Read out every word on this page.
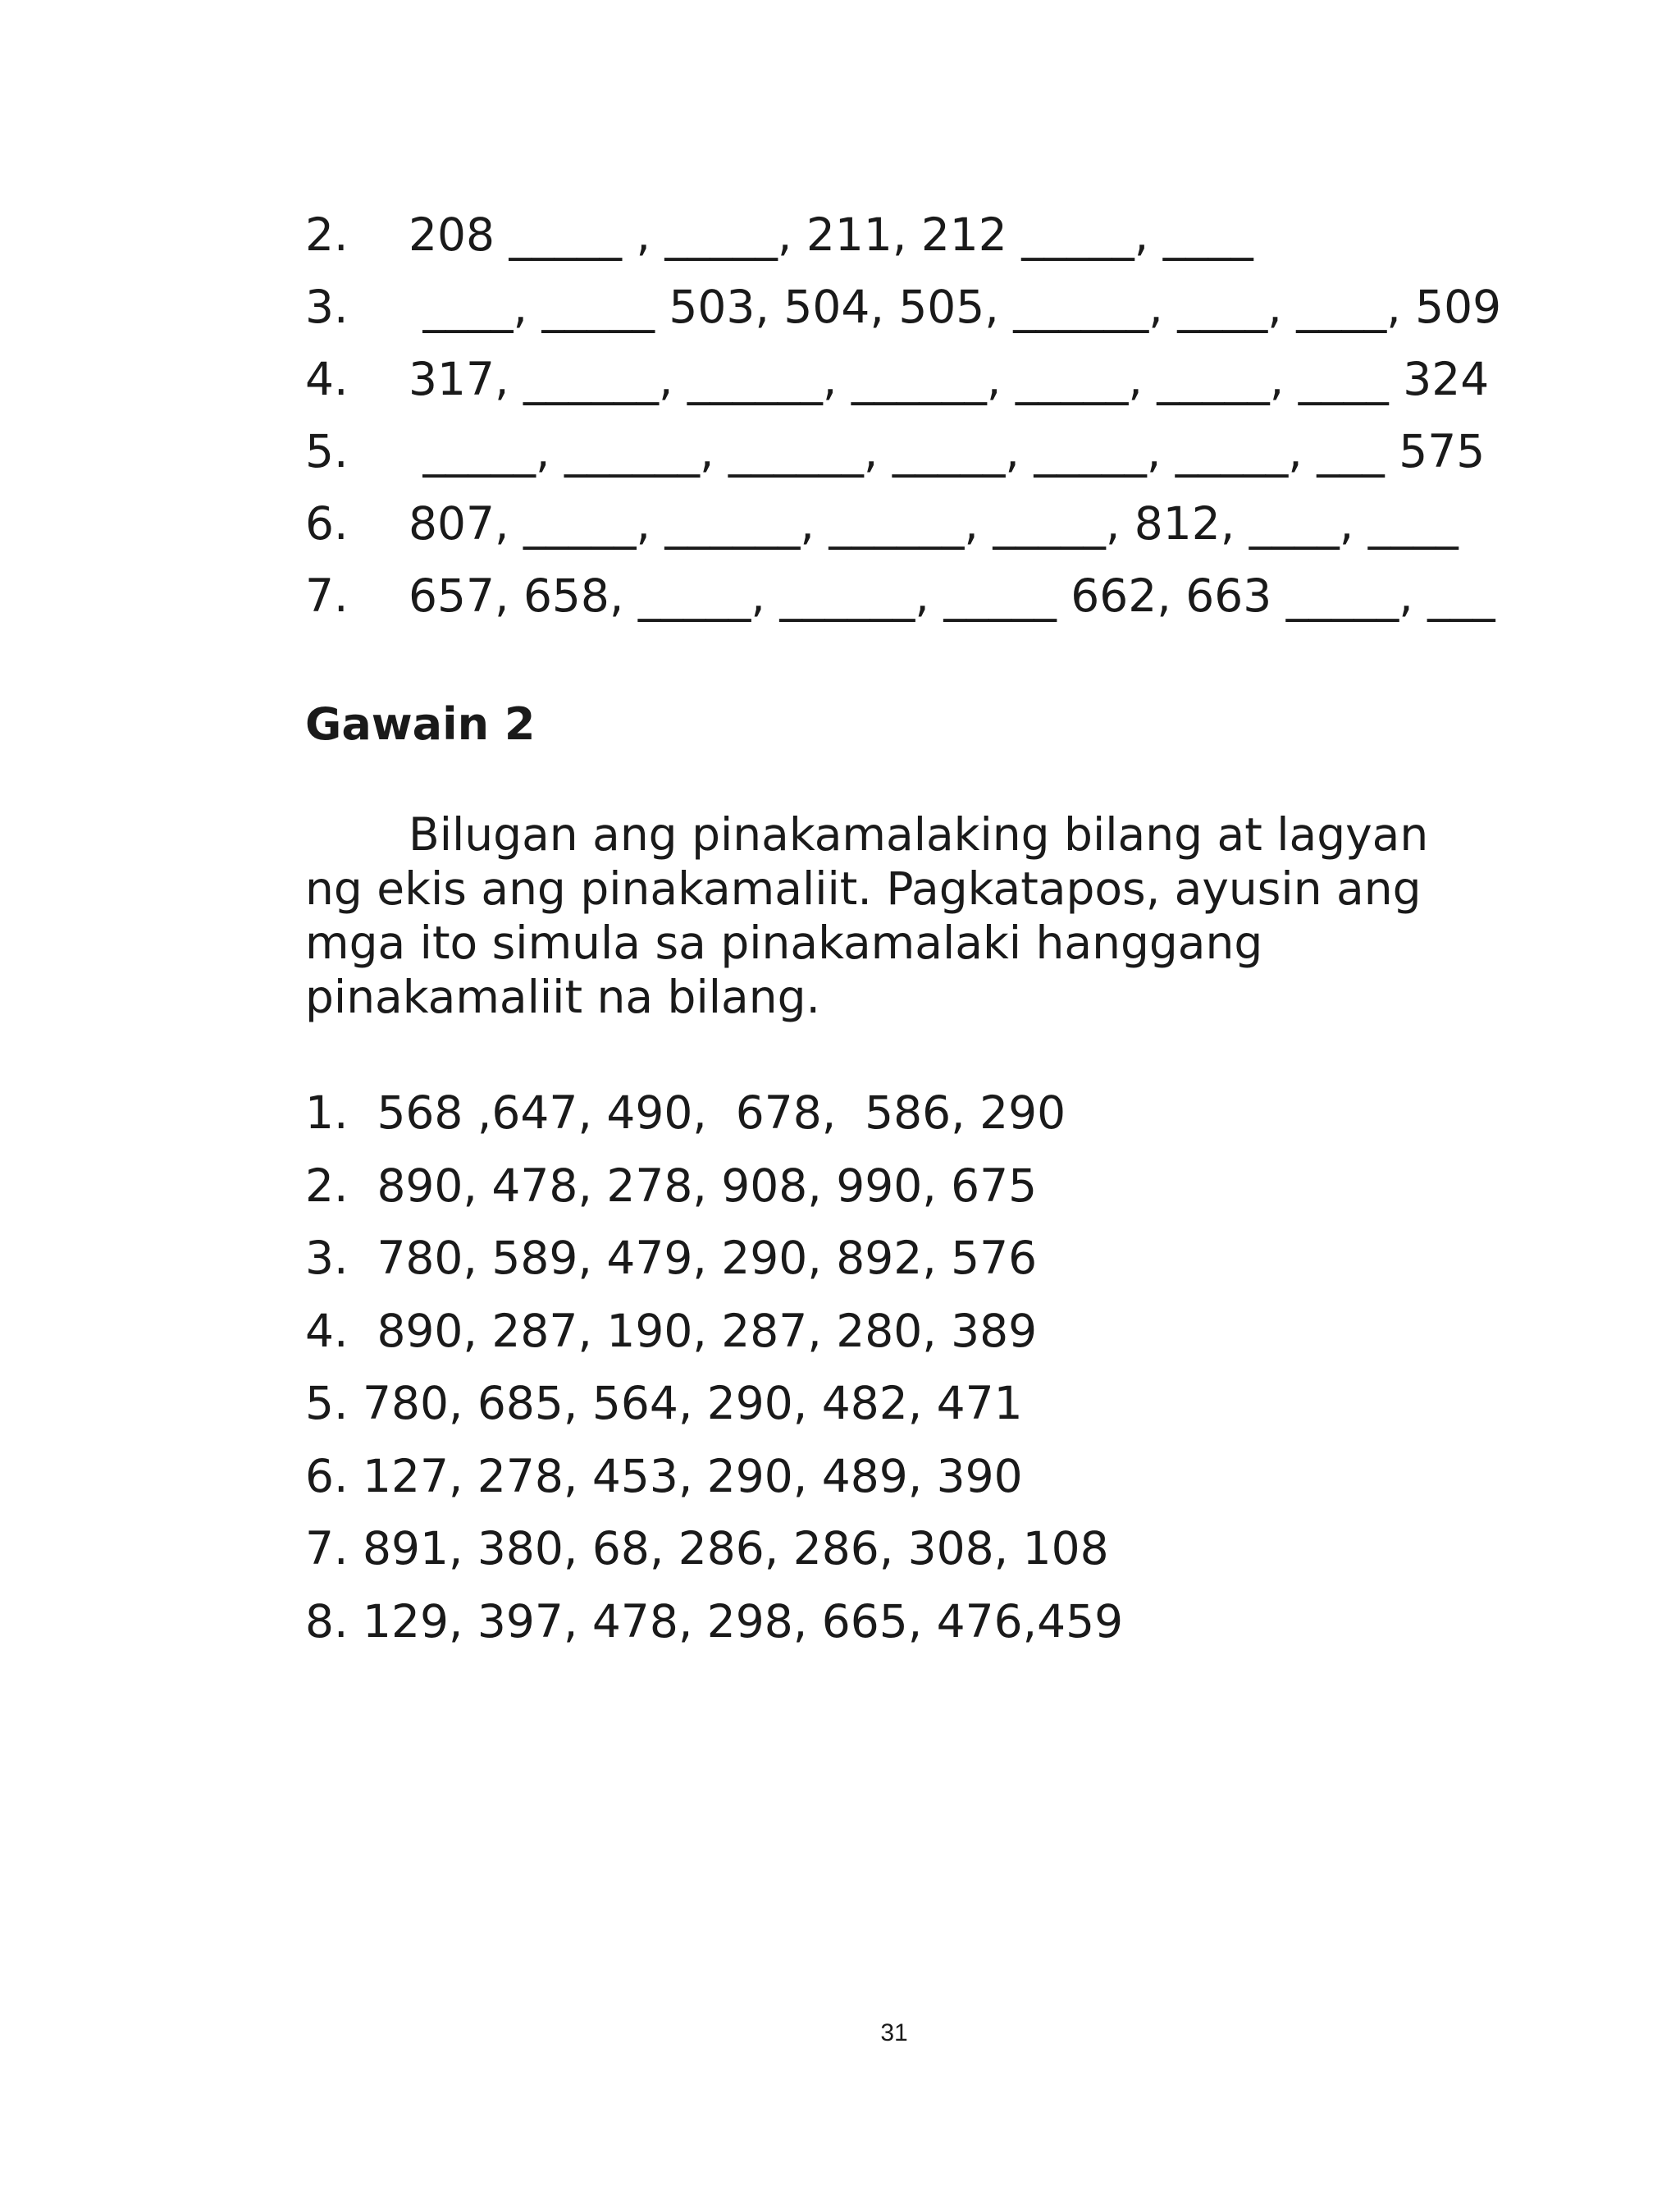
2.

208 _____ , _____, 211, 212 _____, ____

3.

____, _____ 503, 504, 505, ______, ____, ____, 509

4.

317, ______, ______, ______, _____, _____, ____ 324

5.

_____, ______, ______, _____, _____, _____, ___ 575

6.

807, _____, ______, ______, _____, 812, ____, ____

7.

657, 658, _____, ______, _____ 662, 663 _____, ___

Gawain 2
Bilugan ang pinakamalaking bilang at lagyan
ng ekis ang pinakamaliit. Pagkatapos, ayusin ang
mga ito simula sa pinakamalaki hanggang
pinakamaliit na bilang.
1.  568 ,647, 490,  678,  586, 290
2.  890, 478, 278, 908, 990, 675
3.  780, 589, 479, 290, 892, 576
4.  890, 287, 190, 287, 280, 389
5. 780, 685, 564, 290, 482, 471
6. 127, 278, 453, 290, 489, 390
7. 891, 380, 68, 286, 286, 308, 108
8. 129, 397, 478, 298, 665, 476,459
31
